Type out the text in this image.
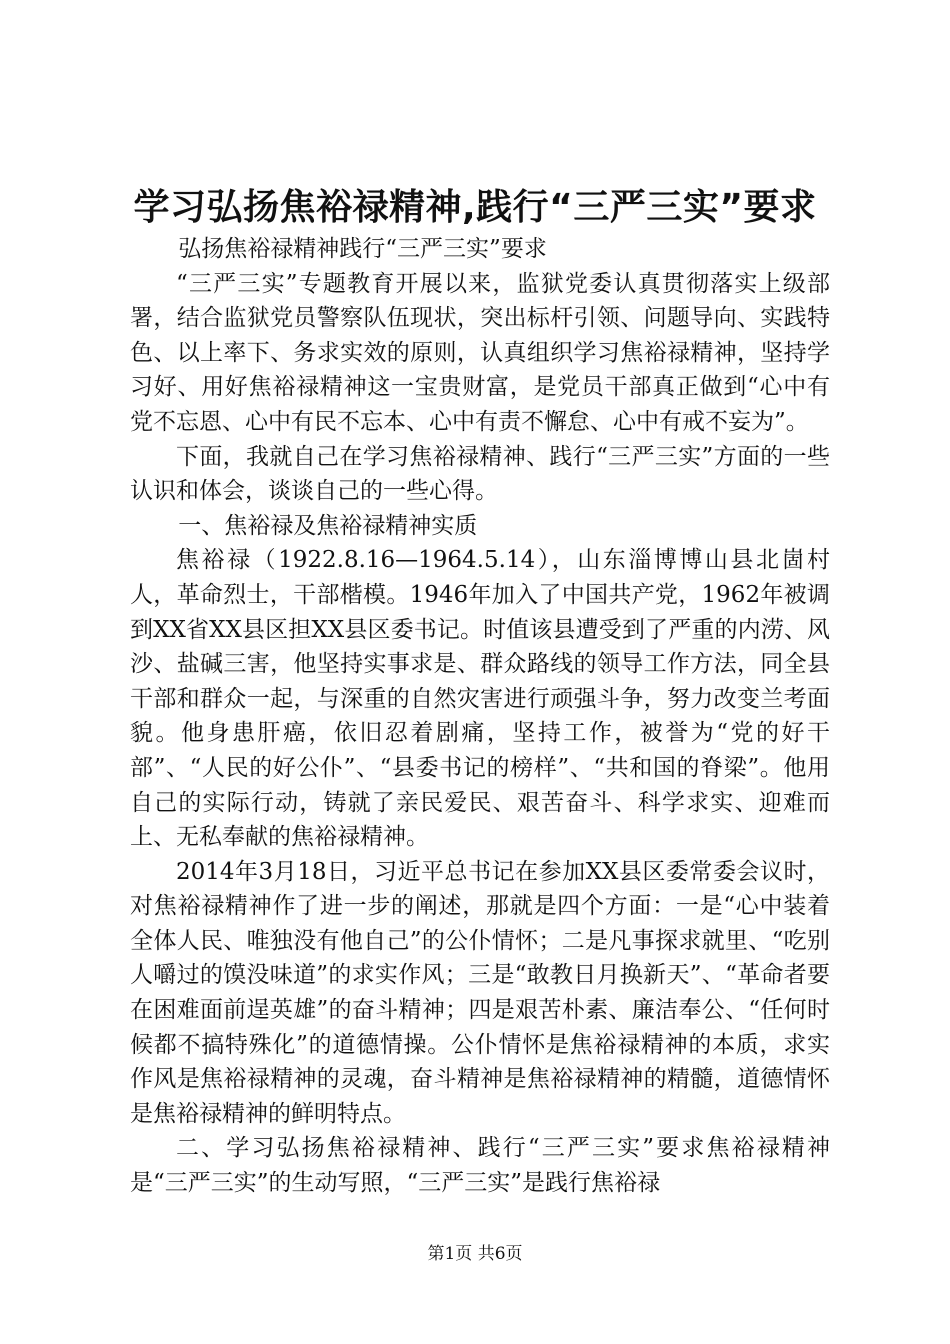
学习弘扬焦裕禄精神,践行“三严三实”要求

弘扬焦裕禄精神践行“三严三实”要求

“三严三实”专题教育开展以来，监狱党委认真贯彻落实上级部署，结合监狱党员警察队伍现状，突出标杆引领、问题导向、实践特色、以上率下、务求实效的原则，认真组织学习焦裕禄精神，坚持学习好、用好焦裕禄精神这一宝贵财富，是党员干部真正做到“心中有党不忘恩、心中有民不忘本、心中有责不懈怠、心中有戒不妄为”。

下面，我就自己在学习焦裕禄精神、践行“三严三实”方面的一些认识和体会，谈谈自己的一些心得。

一、焦裕禄及焦裕禄精神实质

焦裕禄（1922.8.16—1964.5.14），山东淄博博山县北崮村人，革命烈士，干部楷模。1946年加入了中国共产党，1962年被调到XX省XX县区担XX县区委书记。时值该县遭受到了严重的内涝、风沙、盐碱三害，他坚持实事求是、群众路线的领导工作方法，同全县干部和群众一起，与深重的自然灾害进行顽强斗争，努力改变兰考面貌。他身患肝癌，依旧忍着剧痛，坚持工作，被誉为“党的好干部”、“人民的好公仆”、“县委书记的榜样”、“共和国的脊梁”。他用自己的实际行动，铸就了亲民爱民、艰苦奋斗、科学求实、迎难而上、无私奉献的焦裕禄精神。

2014年3月18日，习近平总书记在参加XX县区委常委会议时，对焦裕禄精神作了进一步的阐述，那就是四个方面：一是“心中装着全体人民、唯独没有他自己”的公仆情怀；二是凡事探求就里、“吃别人嚼过的馍没味道”的求实作风；三是“敢教日月换新天”、“革命者要在困难面前逞英雄”的奋斗精神；四是艰苦朴素、廉洁奉公、“任何时候都不搞特殊化”的道德情操。公仆情怀是焦裕禄精神的本质，求实作风是焦裕禄精神的灵魂，奋斗精神是焦裕禄精神的精髓，道德情怀是焦裕禄精神的鲜明特点。

二、学习弘扬焦裕禄精神、践行“三严三实”要求焦裕禄精神是“三严三实”的生动写照，“三严三实”是践行焦裕禄

第1页 共6页
